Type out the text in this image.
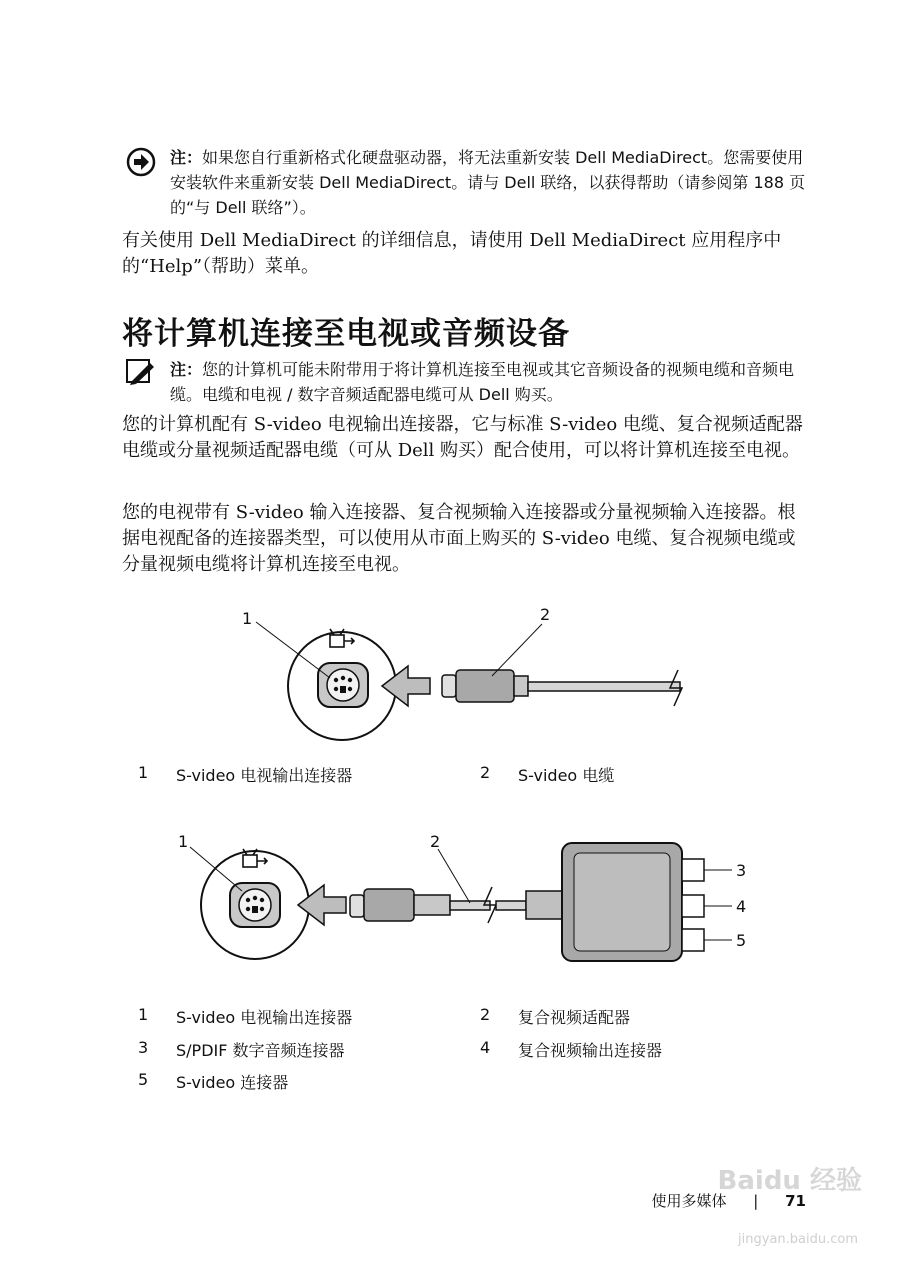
注：如果您自行重新格式化硬盘驱动器，将无法重新安装 Dell MediaDirect。您需要使用安装软件来重新安装 Dell MediaDirect。请与 Dell 联络，以获得帮助（请参阅第 188 页的“与 Dell 联络”）。
有关使用 Dell MediaDirect 的详细信息，请使用 Dell MediaDirect 应用程序中的“Help”（帮助）菜单。
将计算机连接至电视或音频设备
注：您的计算机可能未附带用于将计算机连接至电视或其它音频设备的视频电缆和音频电缆。电缆和电视 / 数字音频适配器电缆可从 Dell 购买。
您的计算机配有 S-video 电视输出连接器，它与标准 S-video 电缆、复合视频适配器电缆或分量视频适配器电缆（可从 Dell 购买）配合使用，可以将计算机连接至电视。
您的电视带有 S-video 输入连接器、复合视频输入连接器或分量视频输入连接器。根据电视配备的连接器类型，可以使用从市面上购买的 S-video 电缆、复合视频电缆或分量视频电缆将计算机连接至电视。
1	2
1 S-video 电视输出连接器	2 S-video 电缆
1	2
3
4
5
1 S-video 电视输出连接器	2 复合视频适配器
3 S/PDIF 数字音频连接器	4 复合视频输出连接器
5 S-video 连接器
使用多媒体 | 71
Baidu 经验
jingyan.baidu.com
